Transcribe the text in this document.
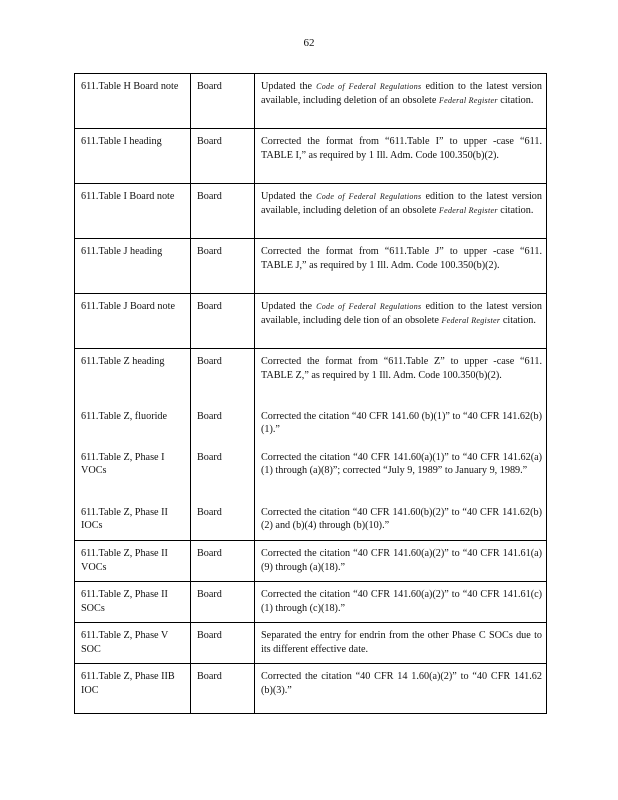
62
611.Table H Board note	Board	Updated the Code of Federal Regulations edition to the latest version available, including deletion of an obsolete Federal Register citation.
611.Table I heading	Board	Corrected the format from “611.Table I” to upper -case “611. TABLE I,” as required by 1 Ill. Adm. Code 100.350(b)(2).
611.Table I Board note	Board	Updated the Code of Federal Regulations edition to the latest version available, including deletion of an obsolete Federal Register citation.
611.Table J heading	Board	Corrected the format from “611.Table J” to upper -case “611. TABLE J,” as required by 1 Ill. Adm. Code 100.350(b)(2).
611.Table J Board note	Board	Updated the Code of Federal Regulations edition to the latest version available, including dele tion of an obsolete Federal Register citation.
611.Table Z heading	Board	Corrected the format from “611.Table Z” to upper -case “611. TABLE Z,” as required by 1 Ill. Adm. Code 100.350(b)(2).
611.Table Z, fluoride	Board	Corrected the citation “40 CFR 141.60 (b)(1)” to “40 CFR 141.62(b)(1).”
611.Table Z, Phase I VOCs	Board	Corrected the citation “40 CFR 141.60(a)(1)” to “40 CFR 141.62(a)(1) through (a)(8)”; corrected “July 9, 1989” to January 9, 1989.”
611.Table Z, Phase II IOCs	Board	Corrected the citation “40 CFR 141.60(b)(2)” to “40 CFR 141.62(b)(2) and (b)(4) through (b)(10).”
611.Table Z, Phase II VOCs	Board	Corrected the citation “40 CFR 141.60(a)(2)” to “40 CFR 141.61(a)(9) through (a)(18).”
611.Table Z, Phase II SOCs	Board	Corrected the citation “40 CFR 141.60(a)(2)” to “40 CFR 141.61(c)(1) through (c)(18).”
611.Table Z, Phase V SOC	Board	Separated the entry for endrin from the other Phase C SOCs due to its different effective date.
611.Table Z, Phase IIB IOC	Board	Corrected the citation “40 CFR 14 1.60(a)(2)” to “40 CFR 141.62 (b)(3).”
